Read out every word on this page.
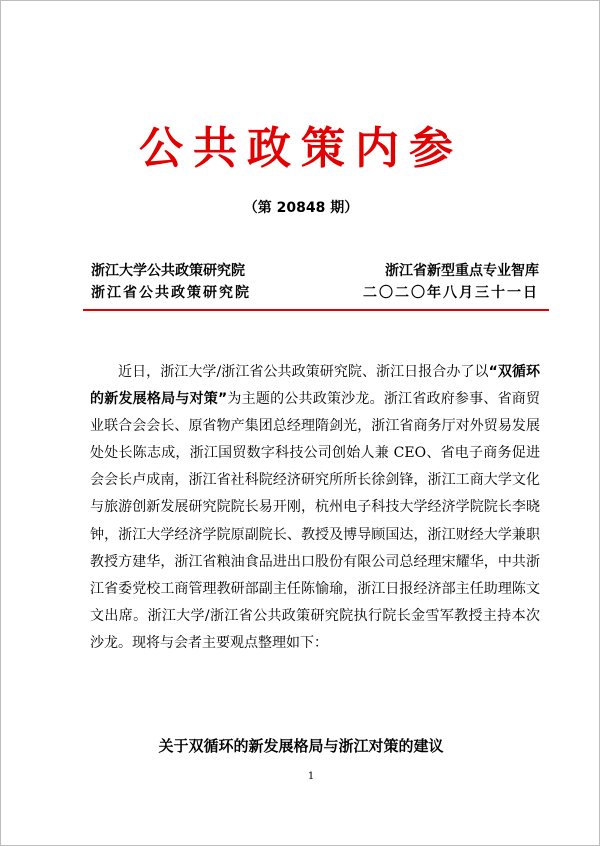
公共政策内参
（第 20848 期）
浙江大学公共政策研究院	浙江省新型重点专业智库
浙江省公共政策研究院	二〇二〇年八月三十一日

近日，浙江大学/浙江省公共政策研究院、浙江日报合办了以“双循环的新发展格局与对策”为主题的公共政策沙龙。浙江省政府参事、省商贸业联合会会长、原省物产集团总经理隋剑光，浙江省商务厅对外贸易发展处处长陈志成，浙江国贸数字科技公司创始人兼 CEO、省电子商务促进会会长卢成南，浙江省社科院经济研究所所长徐剑锋，浙江工商大学文化与旅游创新发展研究院院长易开刚，杭州电子科技大学经济学院院长李晓钟，浙江大学经济学院原副院长、教授及博导顾国达，浙江财经大学兼职教授方建华，浙江省粮油食品进出口股份有限公司总经理宋耀华，中共浙江省委党校工商管理教研部副主任陈愉瑜，浙江日报经济部主任助理陈文文出席。浙江大学/浙江省公共政策研究院执行院长金雪军教授主持本次沙龙。现将与会者主要观点整理如下：

关于双循环的新发展格局与浙江对策的建议
1
